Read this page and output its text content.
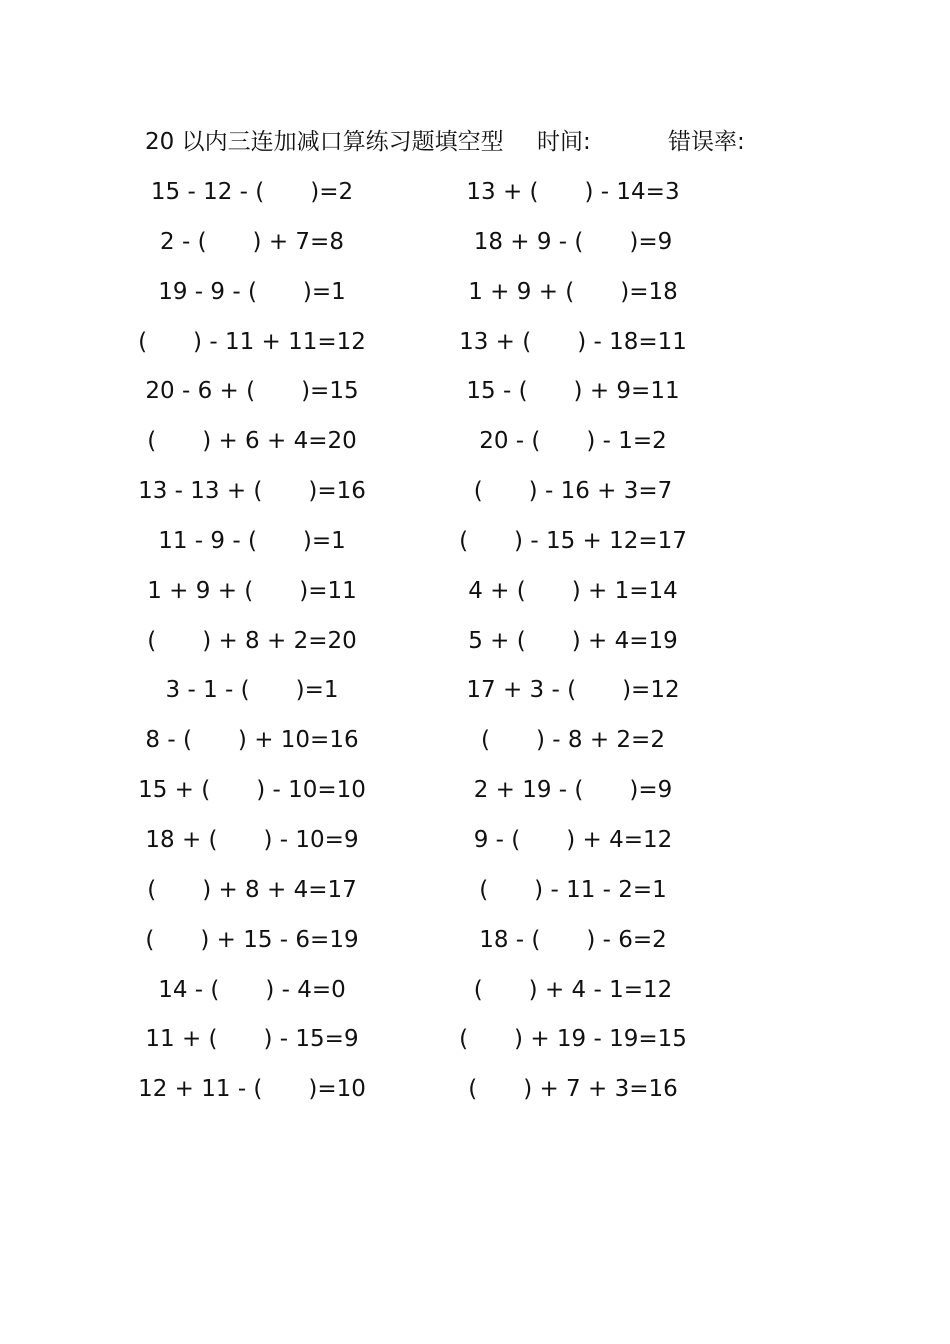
20 以内三连加减口算练习题填空型 时间:	错误率:
15 - 12 - (　　)=2
2 - (　　) + 7=8
19 - 9 - (　　)=1
(　　) - 11 + 11=12
20 - 6 + (　　)=15
(　　) + 6 + 4=20
13 - 13 + (　　)=16
11 - 9 - (　　)=1
1 + 9 + (　　)=11
(　　) + 8 + 2=20
3 - 1 - (　　)=1
8 - (　　) + 10=16
15 + (　　) - 10=10
18 + (　　) - 10=9
(　　) + 8 + 4=17
(　　) + 15 - 6=19
14 - (　　) - 4=0
11 + (　　) - 15=9
12 + 11 - (　　)=10
13 + (　　) - 14=3
18 + 9 - (　　)=9
1 + 9 + (　　)=18
13 + (　　) - 18=11
15 - (　　) + 9=11
20 - (　　) - 1=2
(　　) - 16 + 3=7
(　　) - 15 + 12=17
4 + (　　) + 1=14
5 + (　　) + 4=19
17 + 3 - (　　)=12
(　　) - 8 + 2=2
2 + 19 - (　　)=9
9 - (　　) + 4=12
(　　) - 11 - 2=1
18 - (　　) - 6=2
(　　) + 4 - 1=12
(　　) + 19 - 19=15
(　　) + 7 + 3=16
